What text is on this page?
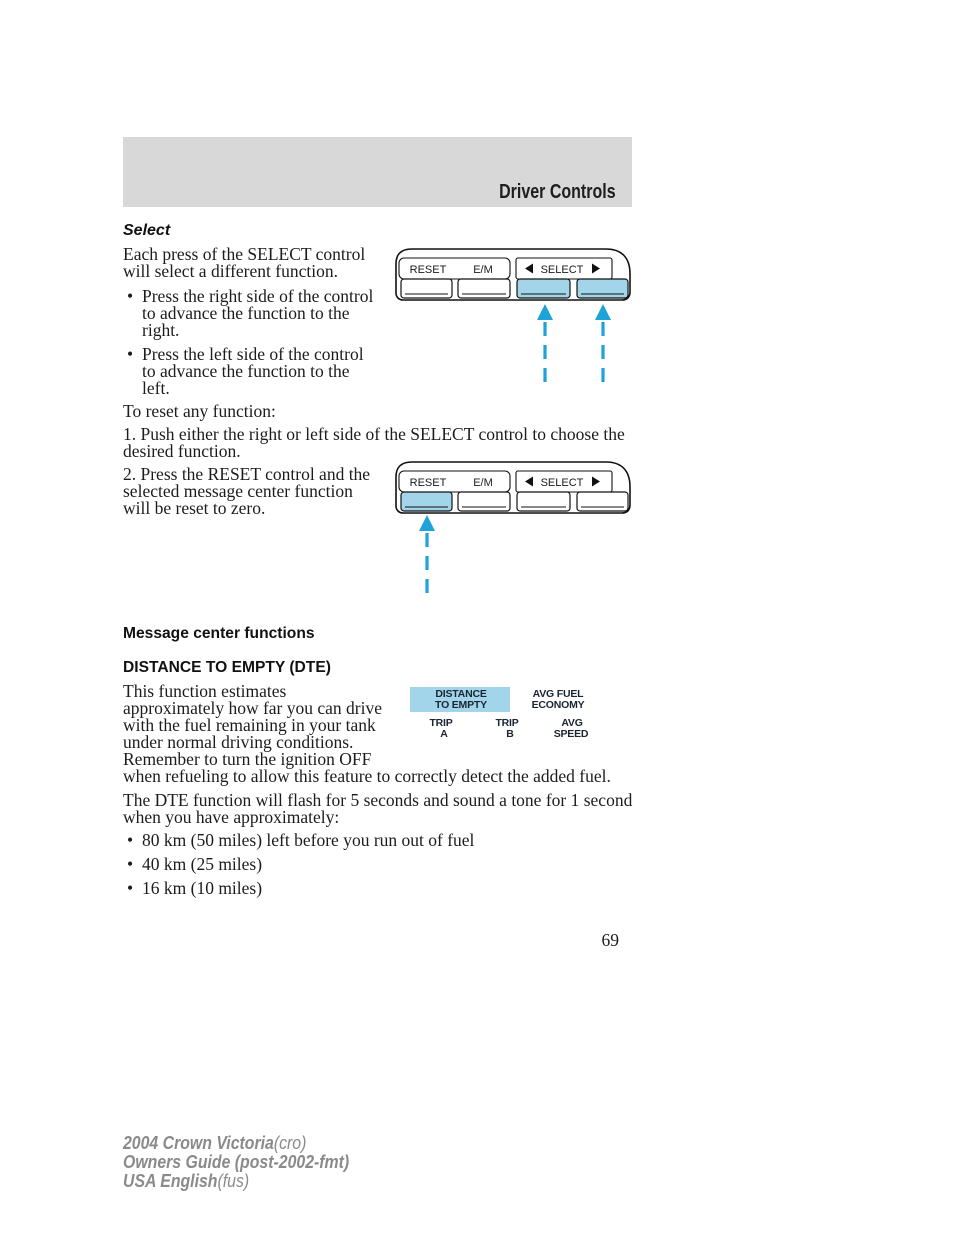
Driver Controls
Select
Each press of the SELECT control
will select a different function.
• Press the right side of the control
to advance the function to the
right.
• Press the left side of the control
to advance the function to the
left.
To reset any function:
1. Push either the right or left side of the SELECT control to choose the
desired function.
2. Press the RESET control and the
selected message center function
will be reset to zero.
RESET E/M	SELECT
RESET E/M	SELECT
Message center functions
DISTANCE TO EMPTY (DTE)
This function estimates
approximately how far you can drive
with the fuel remaining in your tank
under normal driving conditions.
Remember to turn the ignition OFF
when refueling to allow this feature to correctly detect the added fuel.
DISTANCE
TO EMPTY
AVG FUEL
ECONOMY
TRIP
A
TRIP
B
AVG
SPEED
The DTE function will flash for 5 seconds and sound a tone for 1 second
when you have approximately:
• 80 km (50 miles) left before you run out of fuel
• 40 km (25 miles)
• 16 km (10 miles)
69
2004 Crown Victoria(cro)
Owners Guide (post-2002-fmt)
USA English(fus)
